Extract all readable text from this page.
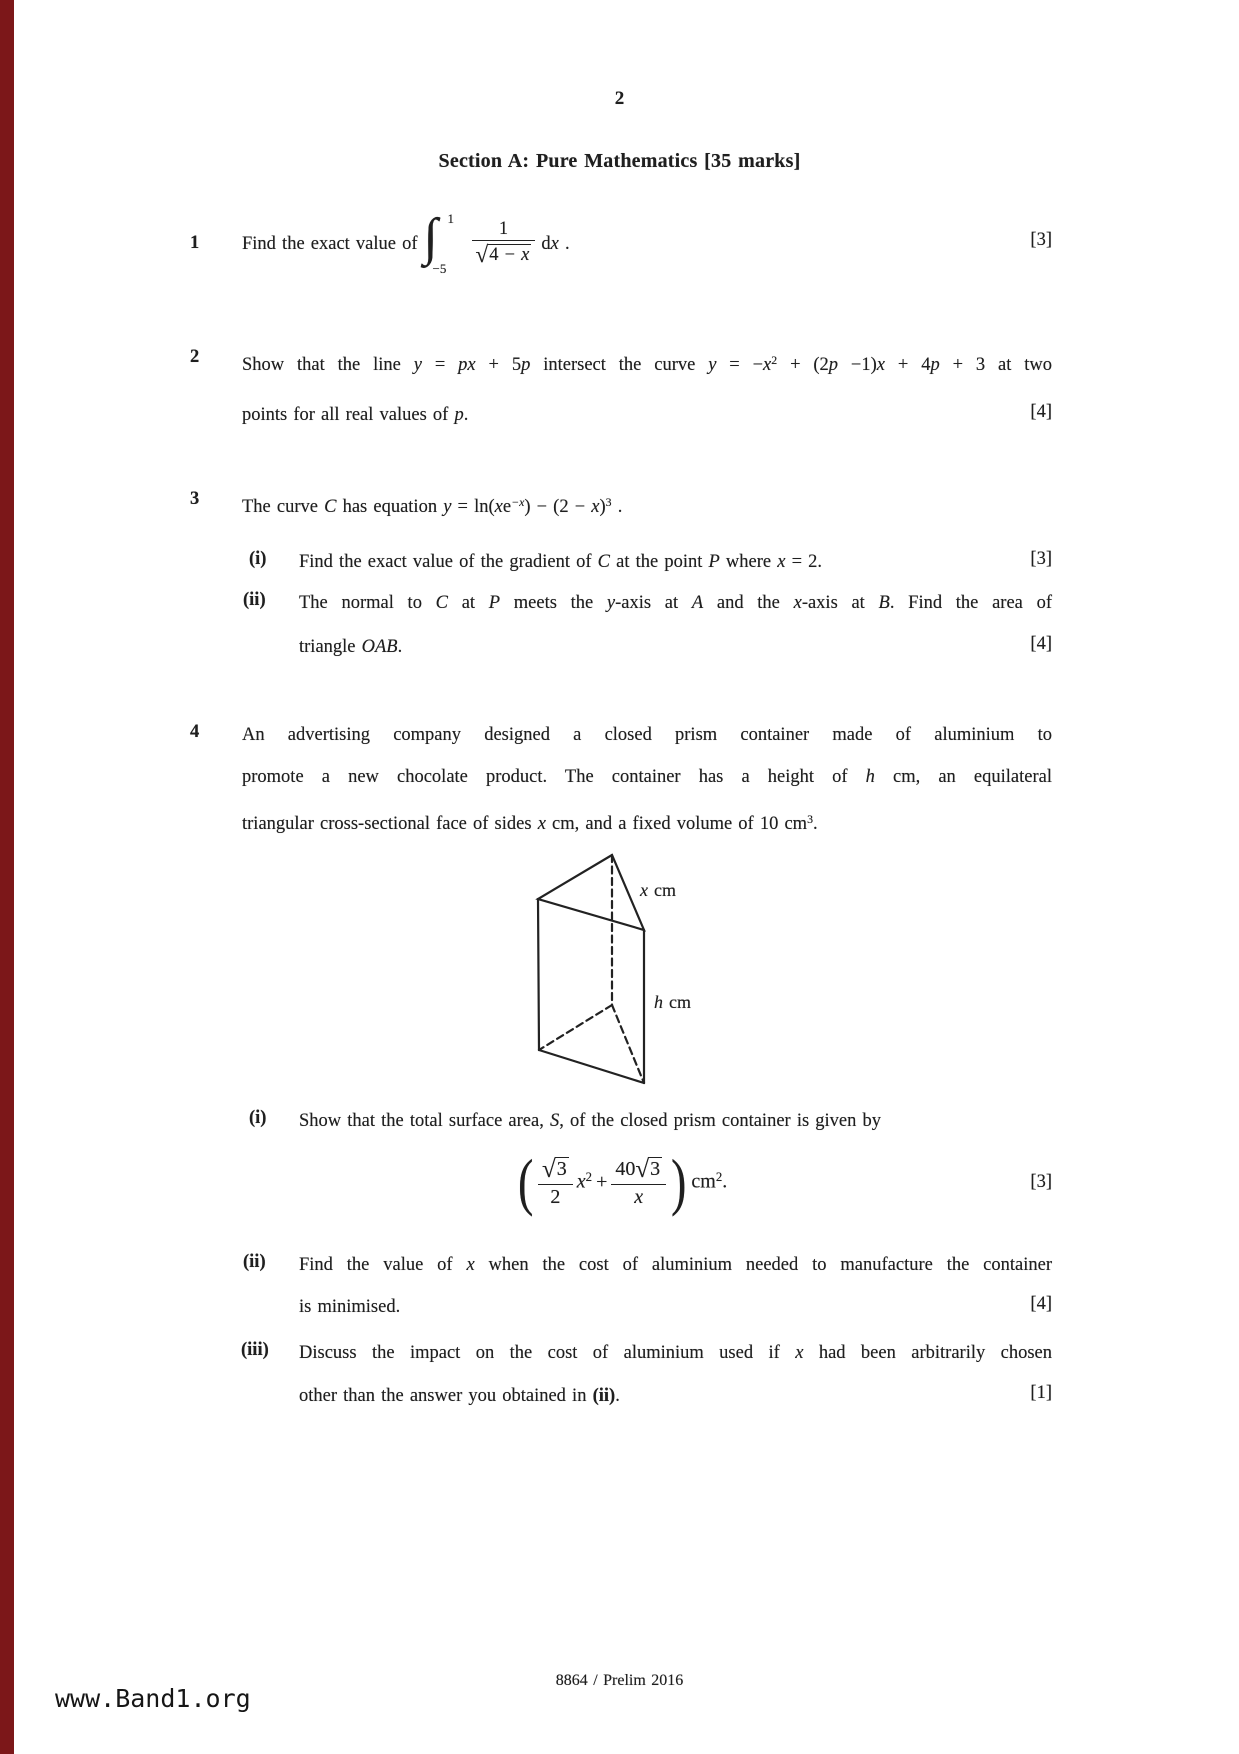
2
Section A: Pure Mathematics [35 marks]
1 Find the exact value of ∫ 1
$-5 \frac{1}{√4 - x}$ dx .	[3]
2 Show that the line y = px + 5p intersect the curve $y = -x^2 + (2p -1)x + 4p + 3$ at two
points for all real values of p.	[4]
3 The curve C has equation $y = \ln(xe^{-x}) - (2 - x)^3$ .
(i) Find the exact value of the gradient of C at the point P where x = 2.	[3]
(ii) The normal to C at P meets the y-axis at A and the x-axis at B. Find the area of
triangle OAB.	[4]
4 An advertising company designed a closed prism container made of aluminium to
promote a new chocolate product. The container has a height of h cm, an equilateral
triangular cross-sectional face of sides x cm, and a fixed volume of 10 $cm^3$.
x cm
h cm
(i) Show that the total surface area, S, of the closed prism container is given by
( $\frac{√3}{2} x^2 + \frac{40√3}{x}$ ) $cm^2$.	[3]
(ii) Find the value of x when the cost of aluminium needed to manufacture the container
is minimised.	[4]
(iii) Discuss the impact on the cost of aluminium used if x had been arbitrarily chosen
other than the answer you obtained in (ii).	[1]
8864 / Prelim 2016
www.Band1.org
